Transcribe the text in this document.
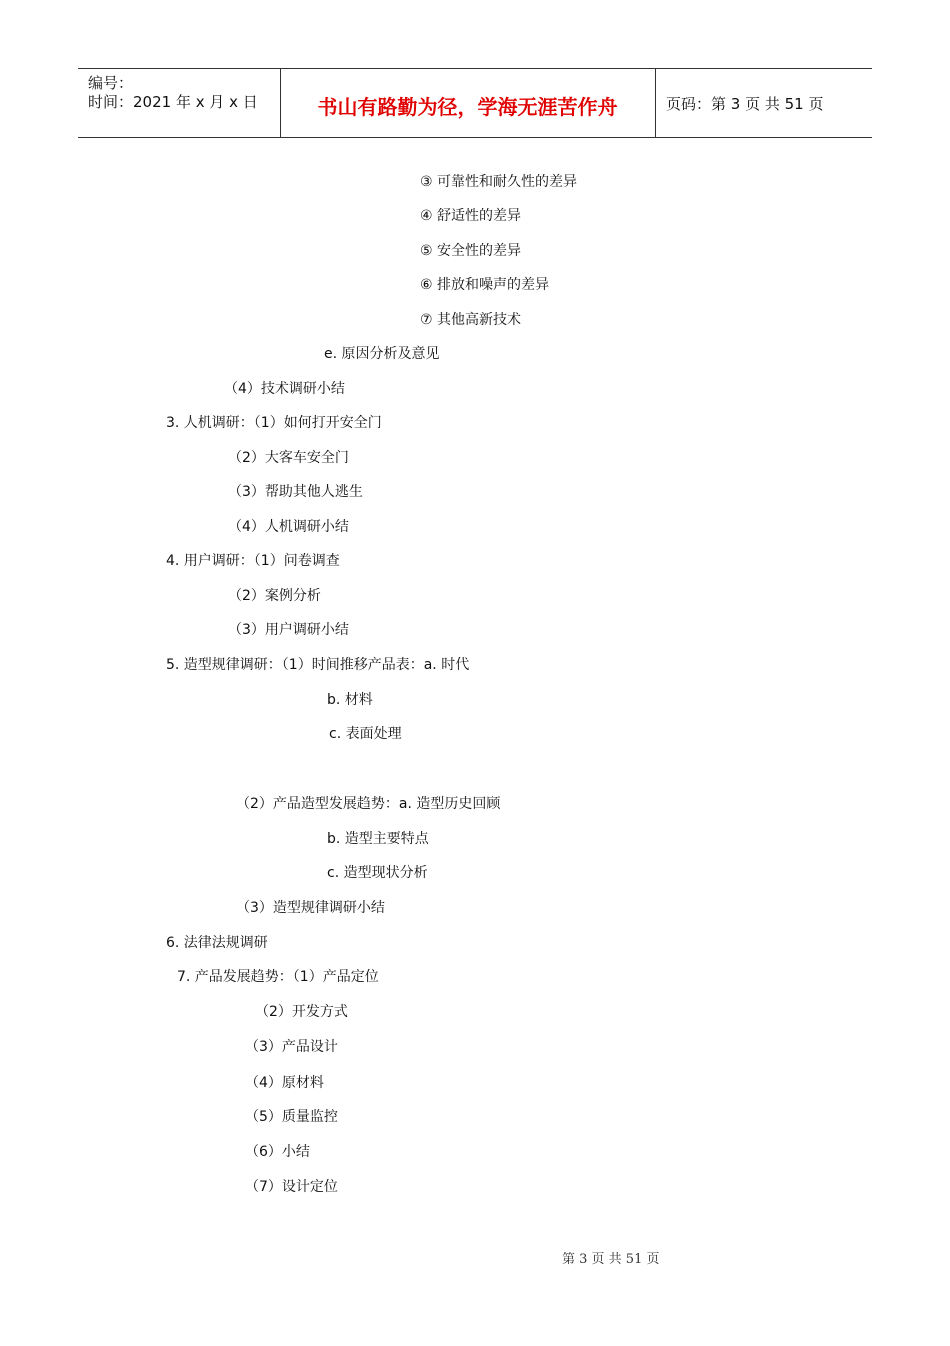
编号：
时间：2021 年 x 月 x 日	书山有路勤为径，学海无涯苦作舟	页码：第 3 页 共 51 页
③ 可靠性和耐久性的差异
④ 舒适性的差异
⑤ 安全性的差异
⑥ 排放和噪声的差异
⑦ 其他高新技术
e. 原因分析及意见
（4）技术调研小结
3. 人机调研：（1）如何打开安全门
（2）大客车安全门
（3）帮助其他人逃生
（4）人机调研小结
4. 用户调研：（1）问卷调查
（2）案例分析
（3）用户调研小结
5. 造型规律调研：（1）时间推移产品表：a. 时代
b. 材料
c. 表面处理
（2）产品造型发展趋势：a. 造型历史回顾
b. 造型主要特点
c. 造型现状分析
（3）造型规律调研小结
6. 法律法规调研
7. 产品发展趋势：（1）产品定位
（2）开发方式
（3）产品设计
（4）原材料
（5）质量监控
（6）小结
（7）设计定位
第 3 页 共 51 页
